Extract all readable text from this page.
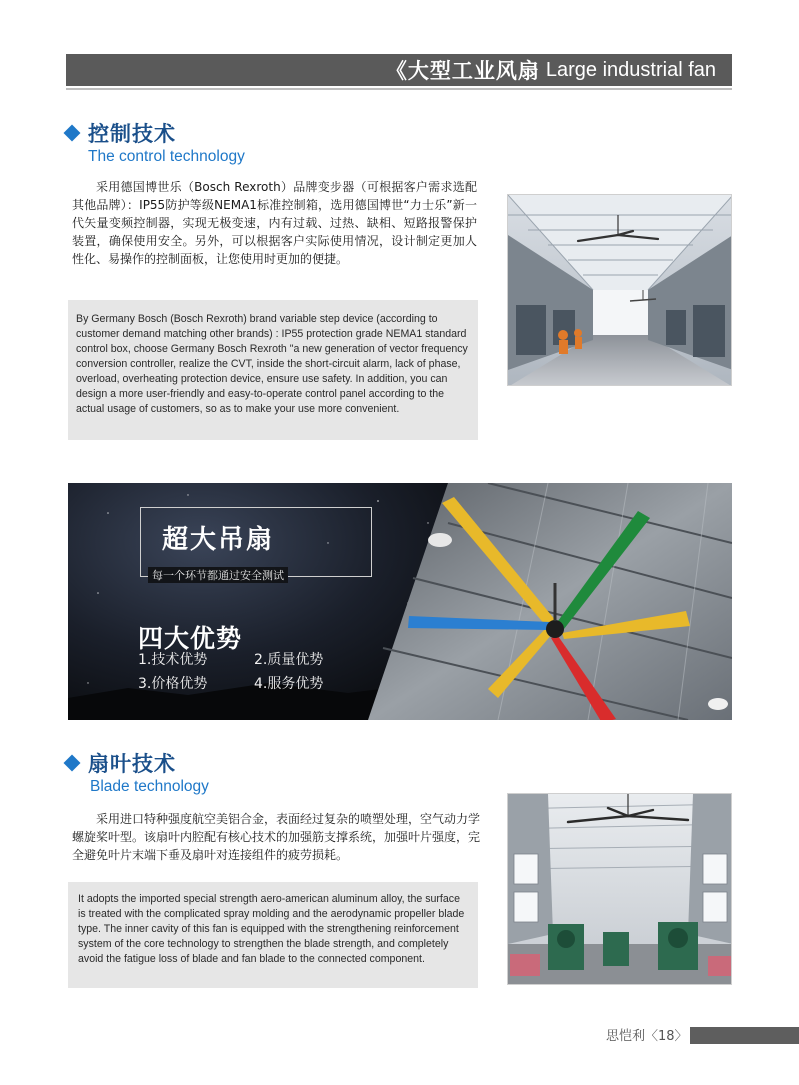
《大型工业风扇 Large industrial fan
控制技术
The control technology
采用德国博世乐（Bosch Rexroth）品牌变步器（可根据客户需求选配其他品牌）：IP55防护等级NEMA1标准控制箱，选用德国博世“力士乐”新一代矢量变频控制器，实现无极变速，内有过载、过热、缺相、短路报警保护装置，确保使用安全。另外，可以根据客户实际使用情况，设计制定更加人性化、易操作的控制面板，让您使用时更加的便捷。

By Germany Bosch (Bosch Rexroth) brand variable step device (according to customer demand matching other brands) : IP55 protection grade NEMA1 standard control box, choose Germany Bosch Rexroth "a new generation of vector frequency conversion controller, realize the CVT, inside the short-circuit alarm, lack of phase, overload, overheating protection device, ensure use safety. In addition, you can design a more user-friendly and easy-to-operate control panel according to the actual usage of customers, so as to make your use more convenient.

超大吊扇
每一个环节都通过安全测试
四大优势
1.技术优势	2.质量优势
3.价格优势	4.服务优势
扇叶技术
Blade technology
采用进口特种强度航空美铝合金，表面经过复杂的喷塑处理，空气动力学螺旋桨叶型。该扇叶内腔配有核心技术的加强筋支撑系统，加强叶片强度，完全避免叶片末端下垂及扇叶对连接组件的疲劳损耗。

It adopts the imported special strength aero-american aluminum alloy, the surface is treated with the complicated spray molding and the aerodynamic propeller blade type. The inner cavity of this fan is equipped with the strengthening reinforcement system of the core technology to strengthen the blade strength, and completely avoid the fatigue loss of blade and fan blade to the connected component.

思恺利〈18〉
